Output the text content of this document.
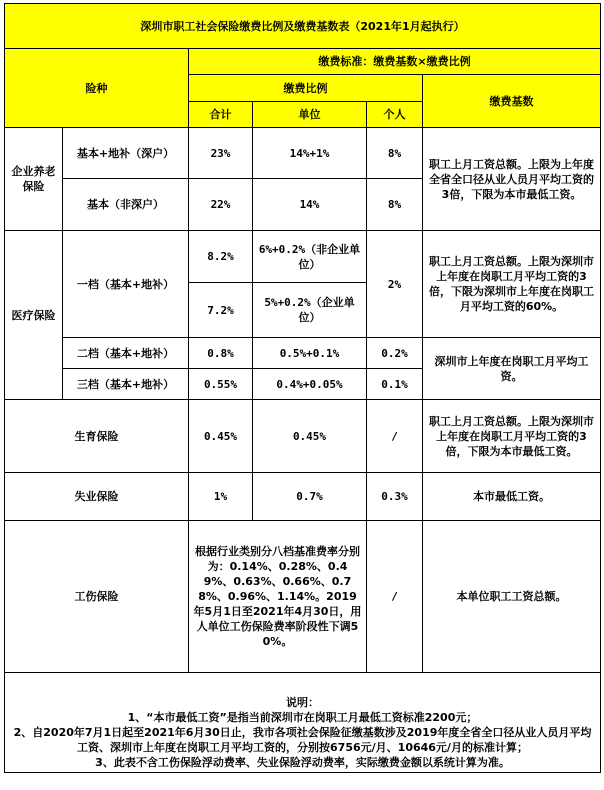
深圳市职工社会保险缴费比例及缴费基数表（2021年1月起执行）					
险种		缴费标准：缴费基数×缴费比例			
		缴费比例			缴费基数
		合计	单位	个人	
企业养老保险	基本+地补（深户）	23%	14%+1%	8%	职工上月工资总额。上限为上年度全省全口径从业人员月平均工资的3倍，下限为本市最低工资。
	基本（非深户）	22%	14%	8%	
医疗保险	一档（基本+地补）	8.2%	6%+0.2%（非企业单位）	2%	职工上月工资总额。上限为深圳市上年度在岗职工月平均工资的3倍，下限为深圳市上年度在岗职工月平均工资的60%。
		7.2%	5%+0.2%（企业单位）		
	二档（基本+地补）	0.8%	0.5%+0.1%	0.2%	深圳市上年度在岗职工月平均工资。
	三档（基本+地补）	0.55%	0.4%+0.05%	0.1%	
生育保险		0.45%	0.45%	/	职工上月工资总额。上限为深圳市上年度在岗职工月平均工资的3倍，下限为本市最低工资。
失业保险		1%	0.7%	0.3%	本市最低工资。
工伤保险		根据行业类别分八档基准费率分别为：0.14%、0.28%、0.49%、0.63%、0.66%、0.78%、0.96%、1.14%。2019年5月1日至2021年4月30日，用人单位工伤保险费率阶段性下调50%。		/	本单位职工工资总额。

说明：
1、“本市最低工资”是指当前深圳市在岗职工月最低工资标准2200元；
2、自2020年7月1日起至2021年6月30日止，我市各项社会保险征缴基数涉及2019年度全省全口径从业人员月平均工资、深圳市上年度在岗职工月平均工资的，分别按6756元/月、10646元/月的标准计算；
3、此表不含工伤保险浮动费率、失业保险浮动费率，实际缴费金额以系统计算为准。					
